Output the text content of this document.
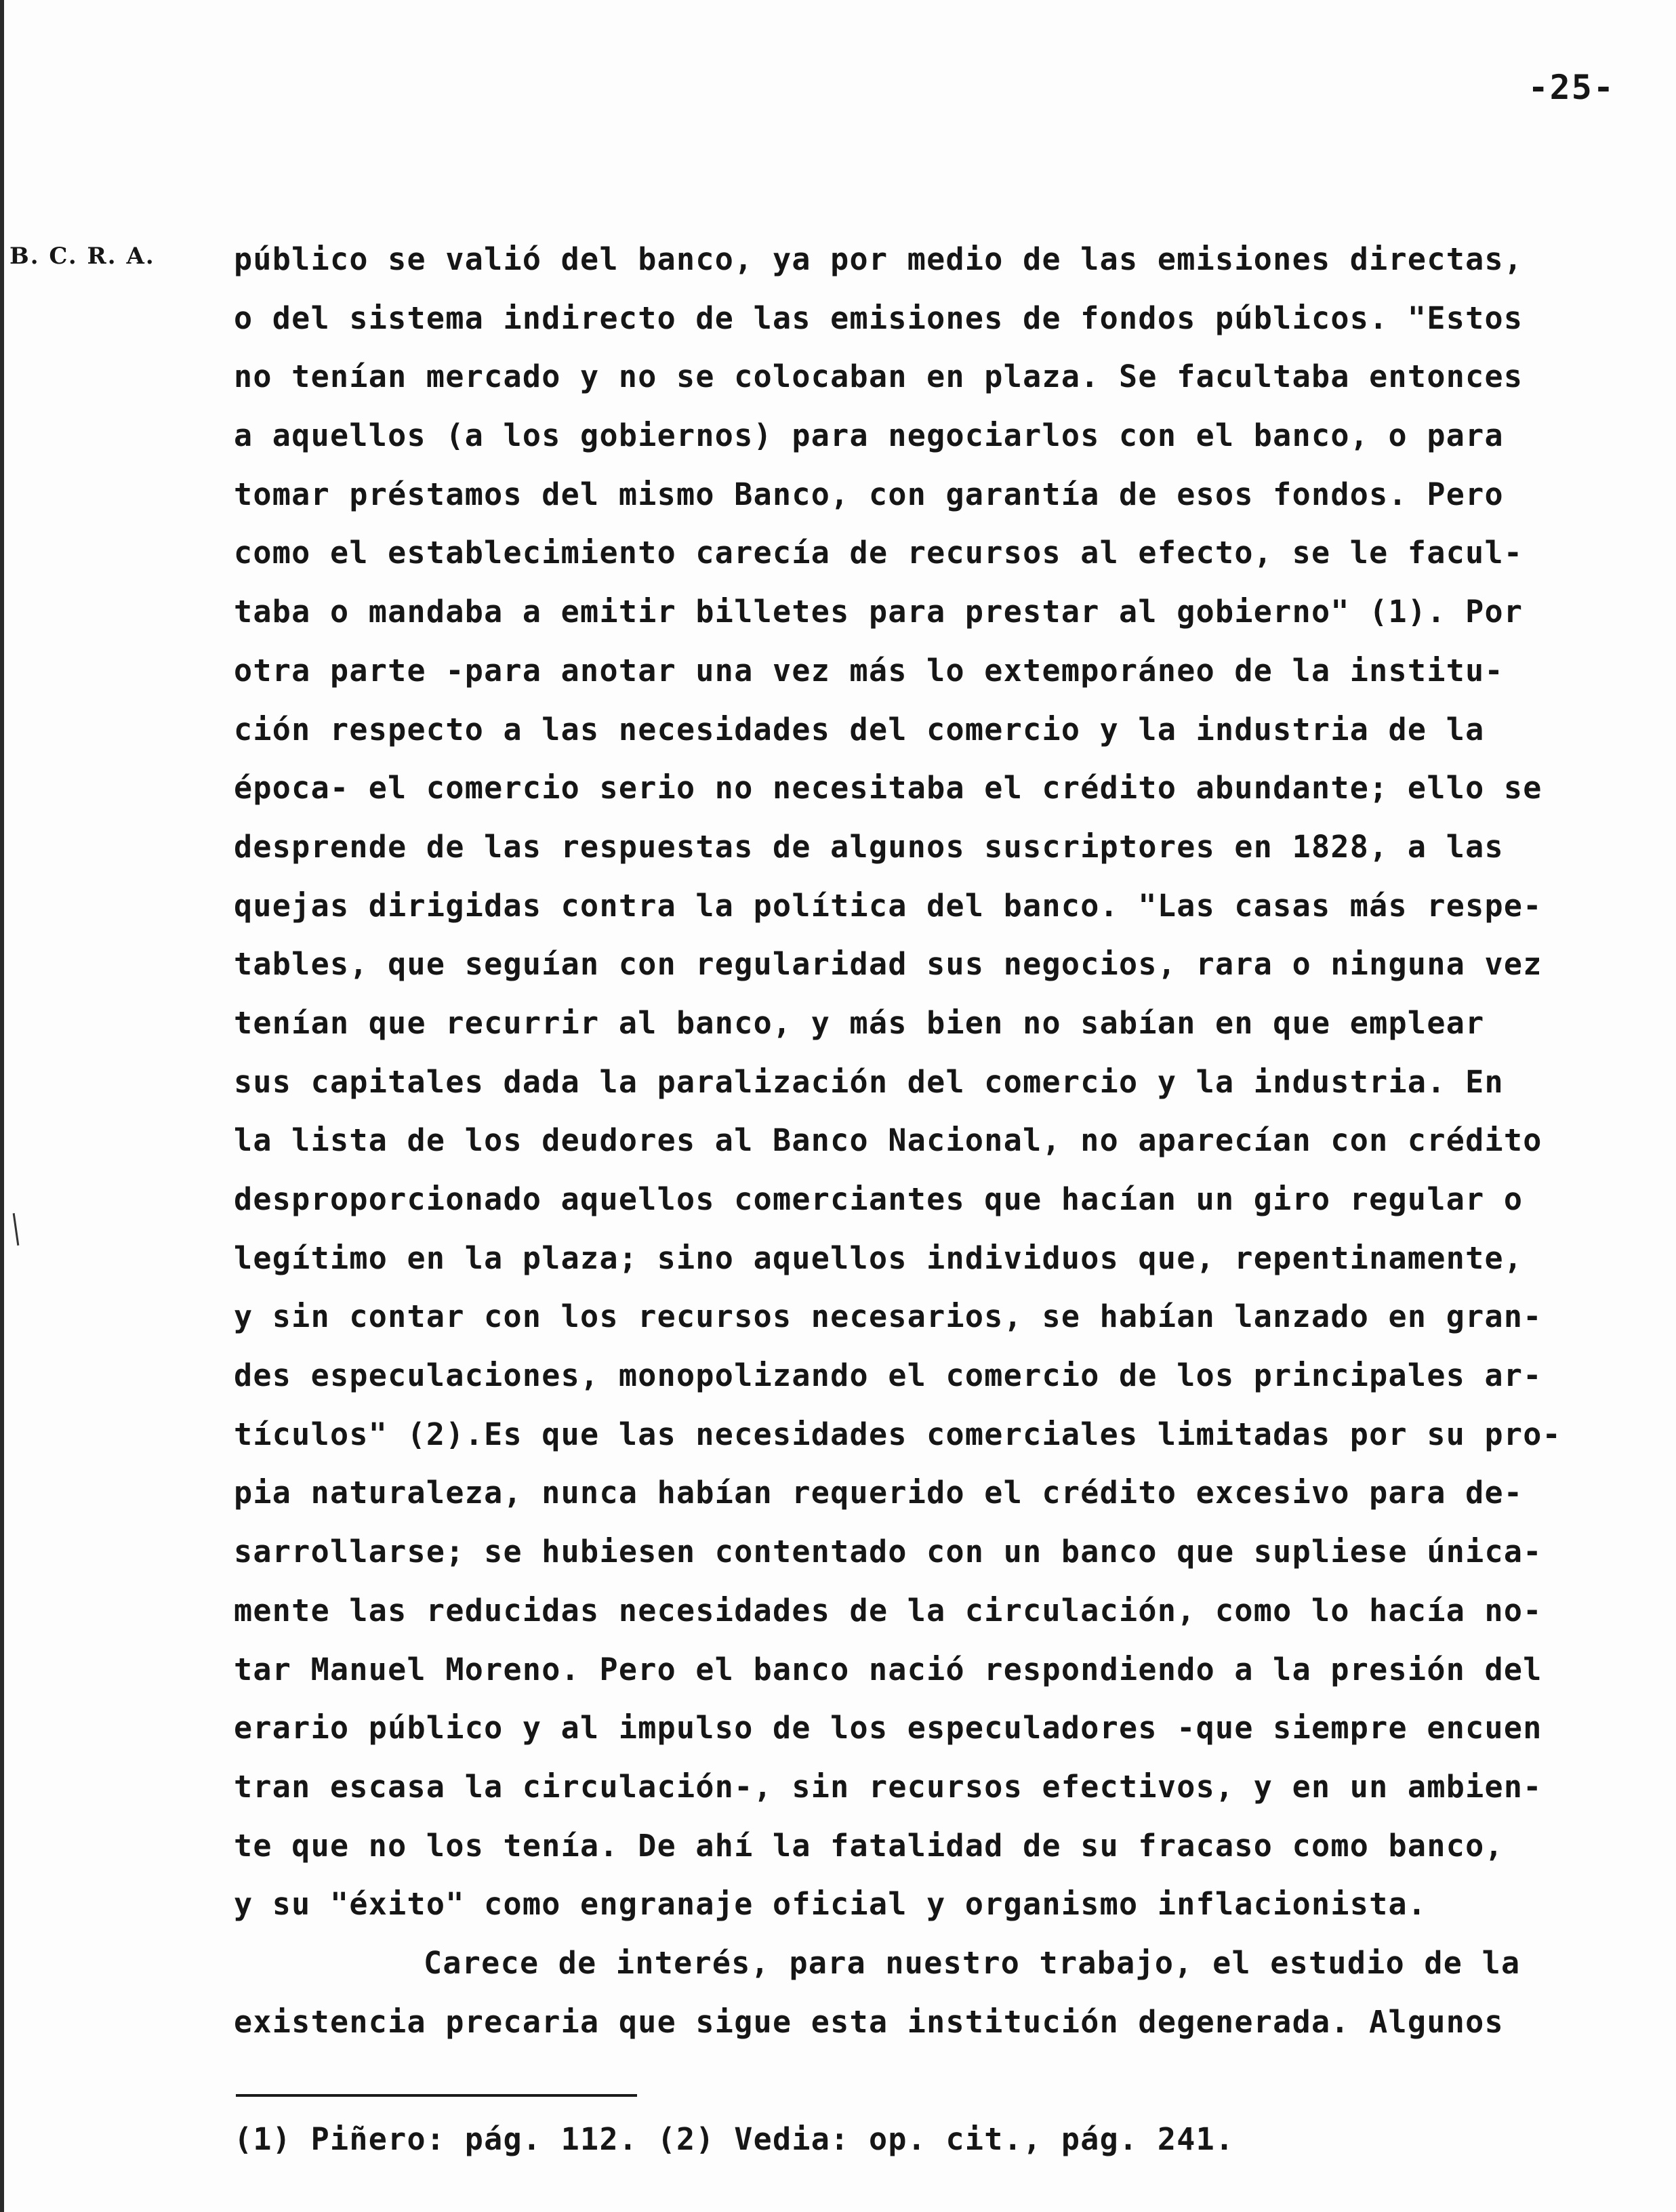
-25-
B. C. R. A.	público se valió del banco, ya por medio de las emisiones directas,
o del sistema indirecto de las emisiones de fondos públicos. "Estos
no tenían mercado y no se colocaban en plaza. Se facultaba entonces
a aquellos (a los gobiernos) para negociarlos con el banco, o para
tomar préstamos del mismo Banco, con garantía de esos fondos. Pero
como el establecimiento carecía de recursos al efecto, se le facul-
taba o mandaba a emitir billetes para prestar al gobierno" (1). Por
otra parte -para anotar una vez más lo extemporáneo de la institu-
ción respecto a las necesidades del comercio y la industria de la
época- el comercio serio no necesitaba el crédito abundante; ello se
desprende de las respuestas de algunos suscriptores en 1828, a las
quejas dirigidas contra la política del banco. "Las casas más respe-
tables, que seguían con regularidad sus negocios, rara o ninguna vez
tenían que recurrir al banco, y más bien no sabían en que emplear
sus capitales dada la paralización del comercio y la industria. En
la lista de los deudores al Banco Nacional, no aparecían con crédito
desproporcionado aquellos comerciantes que hacían un giro regular o
legítimo en la plaza; sino aquellos individuos que, repentinamente,
y sin contar con los recursos necesarios, se habían lanzado en gran-
des especulaciones, monopolizando el comercio de los principales ar-
tículos" (2).Es que las necesidades comerciales limitadas por su pro-
pia naturaleza, nunca habían requerido el crédito excesivo para de-
sarrollarse; se hubiesen contentado con un banco que supliese única-
mente las reducidas necesidades de la circulación, como lo hacía no-
tar Manuel Moreno. Pero el banco nació respondiendo a la presión del
erario público y al impulso de los especuladores -que siempre encuen
tran escasa la circulación-, sin recursos efectivos, y en un ambien-
te que no los tenía. De ahí la fatalidad de su fracaso como banco,
y su "éxito" como engranaje oficial y organismo inflacionista.
Carece de interés, para nuestro trabajo, el estudio de la
existencia precaria que sigue esta institución degenerada. Algunos
(1) Piñero: pág. 112. (2) Vedia: op. cit., pág. 241.
